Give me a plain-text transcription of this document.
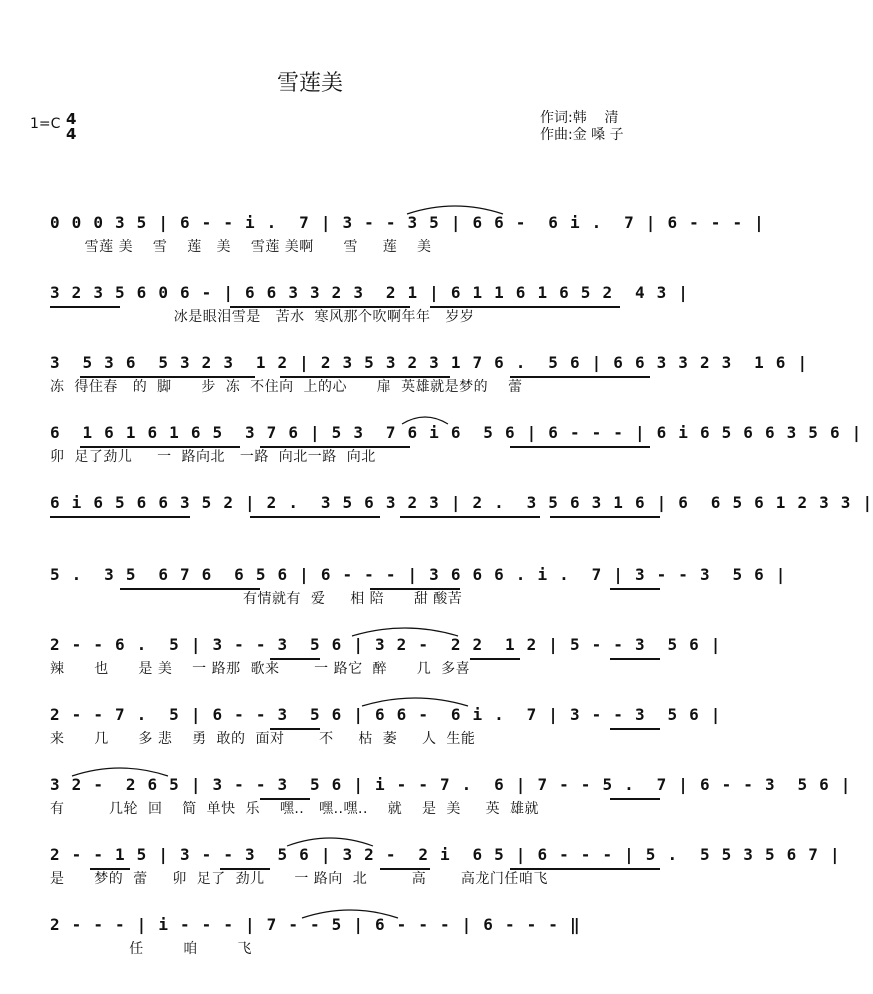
雪莲美
1=C 4
4
作词:韩    清
作曲:金 嗓 子
0 0 0 3 5 | 6 - - i .  7 | 3 - - 3 5 | 6 6 -  6 i .  7 | 6 - - - |
雪莲 美    雪    莲   美    雪莲 美啊      雪     莲    美
3 2 3 5 6 0 6 - | 6 6 3 3 2 3  2 1 | 6 1 1 6 1 6 5 2  4 3 |
冰是眼泪雪是   苦水  寒风那个吹啊年年   岁岁
3  5 3 6  5 3 2 3  1 2 | 2 3 5 3 2 3 1 7 6 .  5 6 | 6 6 3 3 2 3  1 6 |
冻  得住春   的  脚      步  冻  不住向  上的心      扉  英雄就是梦的    蕾
6  1 6 1 6 1 6 5  3 7 6 | 5 3  7 6 i 6  5 6 | 6 - - - | 6 i 6 5 6 6 3 5 6 |
卯  足了劲儿     一  路向北   一路  向北一路  向北
6 i 6 5 6 6 3 5 2 | 2 .  3 5 6 3 2 3 | 2 .  3 5 6 3 1 6 | 6  6 5 6 1 2 3 3 |
5 .  3 5  6 7 6  6 5 6 | 6 - - - | 3 6 6 6 . i .  7 | 3 - - 3  5 6 |
有情就有  爱     相 陪      甜 酸苦
2 - - 6 .  5 | 3 - - 3  5 6 | 3 2 -  2 2  1 2 | 5 - - 3  5 6 |
辣      也      是 美    一 路那  歌来       一 路它  醉      几  多喜
2 - - 7 .  5 | 6 - - 3  5 6 | 6 6 -  6 i .  7 | 3 - - 3  5 6 |
来      几      多 悲    勇  敢的  面对       不     枯  萎     人  生能
3 2 -  2 6 5 | 3 - - 3  5 6 | i - - 7 .  6 | 7 - - 5 .  7 | 6 - - 3  5 6 |
有         几轮  回    简  单快  乐    嘿..   嘿..嘿..    就    是  美     英  雄就
2 - - 1 5 | 3 - - 3  5 6 | 3 2 -  2 i  6 5 | 6 - - - | 5 .  5 5 3 5 6 7 |
是      梦的  蕾     卯  足了  劲儿      一 路向  北         高       高龙门任咱飞
2 - - - | i - - - | 7 - - 5 | 6 - - - | 6 - - - ‖
任        咱        飞
